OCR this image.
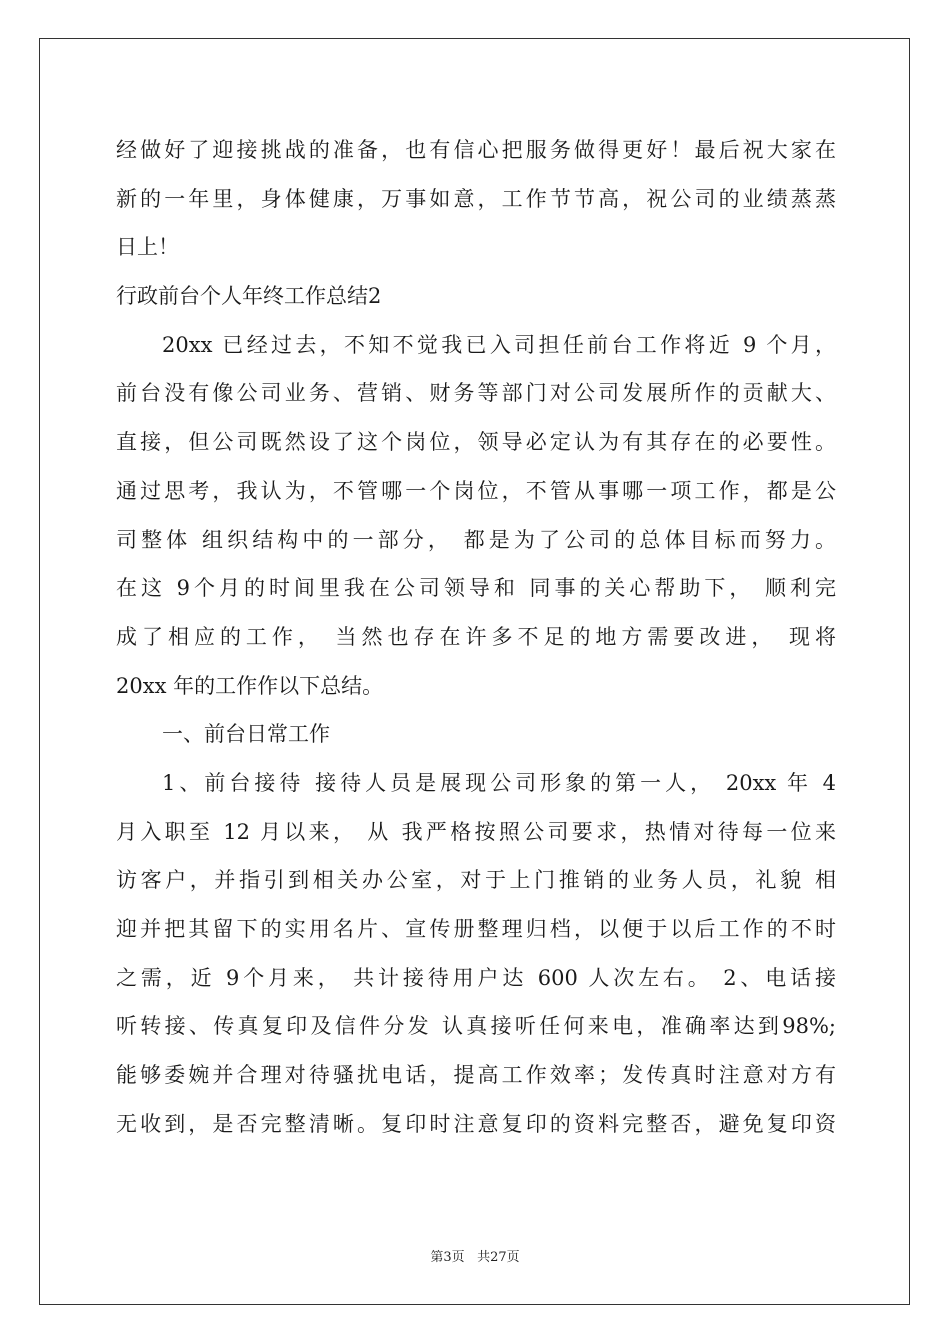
经做好了迎接挑战的准备，也有信心把服务做得更好！最后祝大家在
新的一年里，身体健康，万事如意，工作节节高，祝公司的业绩蒸蒸
日上！
行政前台个人年终工作总结2
20xx 已经过去，不知不觉我已入司担任前台工作将近 9 个月，
前台没有像公司业务、营销、财务等部门对公司发展所作的贡献大、
直接，但公司既然设了这个岗位，领导必定认为有其存在的必要性。
通过思考，我认为，不管哪一个岗位，不管从事哪一项工作，都是公
司整体 组织结构中的一部分， 都是为了公司的总体目标而努力。
在这 9个月的时间里我在公司领导和 同事的关心帮助下， 顺利完
成了相应的工作， 当然也存在许多不足的地方需要改进， 现将
20xx 年的工作作以下总结。
一、前台日常工作
1、前台接待 接待人员是展现公司形象的第一人， 20xx 年 4
月入职至 12 月以来， 从 我严格按照公司要求，热情对待每一位来
访客户，并指引到相关办公室，对于上门推销的业务人员，礼貌 相
迎并把其留下的实用名片、宣传册整理归档，以便于以后工作的不时
之需，近 9个月来， 共计接待用户达 600 人次左右。 2、电话接
听转接、传真复印及信件分发 认真接听任何来电，准确率达到98%;
能够委婉并合理对待骚扰电话，提高工作效率；发传真时注意对方有
无收到，是否完整清晰。复印时注意复印的资料完整否，避免复印资
第3页 共27页
